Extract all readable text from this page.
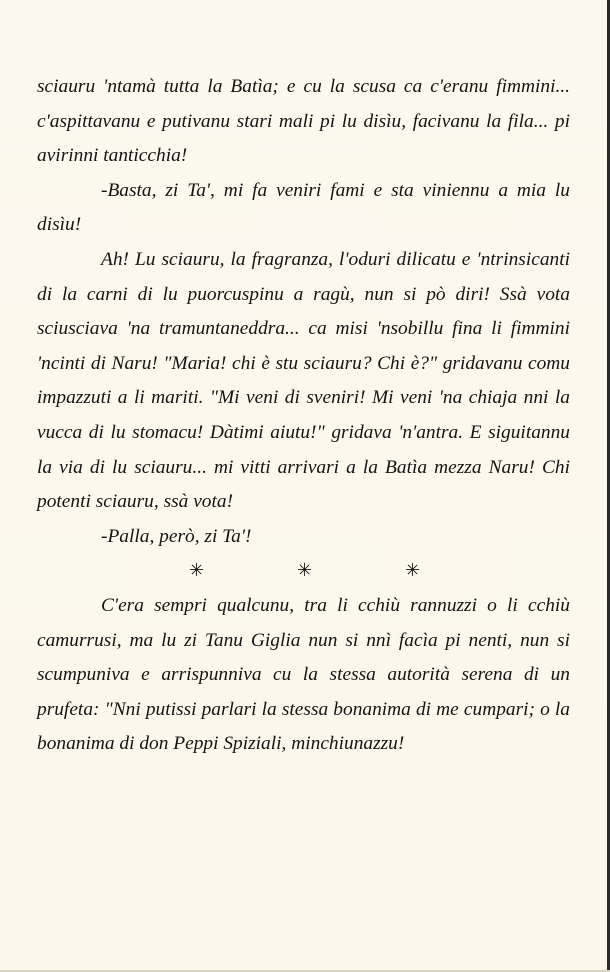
sciauru 'ntamà tutta la Batìa; e cu la scusa ca c'eranu fimmini... c'aspittavanu e putivanu stari mali pi lu disìu, facivanu la fila... pi avirinni tanticchia!

-Basta, zi Ta', mi fa veniri fami e sta viniennu a mia lu disìu!

Ah! Lu sciauru, la fragranza, l'oduri dilicatu e 'ntrinsicanti di la carni di lu puorcuspinu a ragù, nun si pò diri! Ssà vota sciusciava 'na tramuntaneddra... ca misi 'nsobillu fina li fimmini 'ncinti di Naru! "Maria! chi è stu sciauru? Chi è?" gridavanu comu impazzuti a li mariti. "Mi veni di sveniri! Mi veni 'na chiaja nni la vucca di lu stomacu! Dàtimi aiutu!" gridava 'n'antra. E siguitannu la via di lu sciauru... mi vitti arrivari a la Batìa mezza Naru! Chi potenti sciauru, ssà vota!

-Palla, però, zi Ta'!

✳	✳	✳

C'era sempri qualcunu, tra li cchiù rannuzzi o li cchiù camurrusi, ma lu zi Tanu Giglia nun si nnì facìa pi nenti, nun si scumpuniva e arrispunniva cu la stessa autorità serena di un prufeta: "Nni putissi parlari la stessa bonanima di me cumpari; o la bonanima di don Peppi Spiziali, minchiunazzu!
